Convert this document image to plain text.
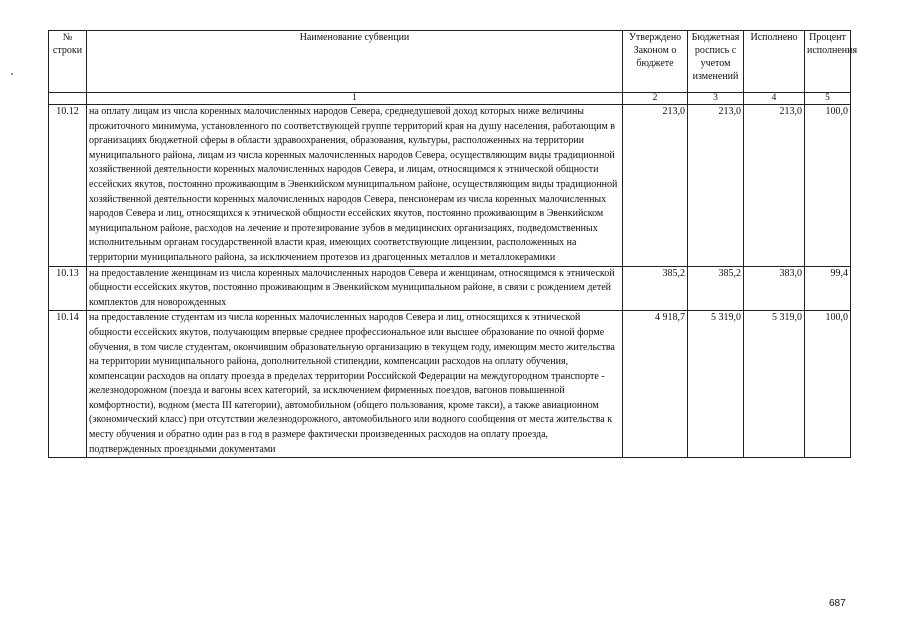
№ строки	Наименование субвенции	Утверждено Законом о бюджете	Бюджетная роспись с учетом изменений	Исполнено	Процент исполнения
	1	2	3	4	5
10.12	на оплату лицам из числа коренных малочисленных народов Севера, среднедушевой доход которых ниже величины прожиточного минимума, установленного по соответствующей группе территорий края на душу населения, работающим в организациях бюджетной сферы в области здравоохранения, образования, культуры, расположенных на территории муниципального района, лицам из числа коренных малочисленных народов Севера, осуществляющим виды традиционной хозяйственной деятельности коренных малочисленных народов Севера, и лицам, относящимся к этнической общности ессейских якутов, постоянно проживающим в Эвенкийском муниципальном районе, осуществляющим виды традиционной хозяйственной деятельности коренных малочисленных народов Севера, пенсионерам из числа коренных малочисленных народов Севера и лиц, относящихся к этнической общности ессейских якутов, постоянно проживающим в Эвенкийском муниципальном районе, расходов на лечение и протезирование зубов в медицинских организациях, подведомственных исполнительным органам государственной власти края, имеющих соответствующие лицензии, расположенных на территории муниципального района, за исключением протезов из драгоценных металлов и металлокерамики	213,0	213,0	213,0	100,0
10.13	на предоставление женщинам из числа коренных малочисленных народов Севера и женщинам, относящимся к этнической общности ессейских якутов, постоянно проживающим в Эвенкийском муниципальном районе, в связи с рождением детей комплектов для новорожденных	385,2	385,2	383,0	99,4
10.14	на предоставление студентам из числа коренных малочисленных народов Севера и лиц, относящихся к этнической общности ессейских якутов, получающим впервые среднее профессиональное или высшее образование по очной форме обучения, в том числе студентам, окончившим образовательную организацию в текущем году, имеющим место жительства на территории муниципального района, дополнительной стипендии, компенсации расходов на оплату обучения, компенсации расходов на оплату проезда в пределах территории Российской Федерации на междугородном транспорте - железнодорожном (поезда и вагоны всех категорий, за исключением фирменных поездов, вагонов повышенной комфортности), водном (места III категории), автомобильном (общего пользования, кроме такси), а также авиационном (экономический класс) при отсутствии железнодорожного, автомобильного или водного сообщения от места жительства к месту обучения и обратно один раз в год в размере фактически произведенных расходов на оплату проезда, подтвержденных проездными документами	4 918,7	5 319,0	5 319,0	100,0
687
